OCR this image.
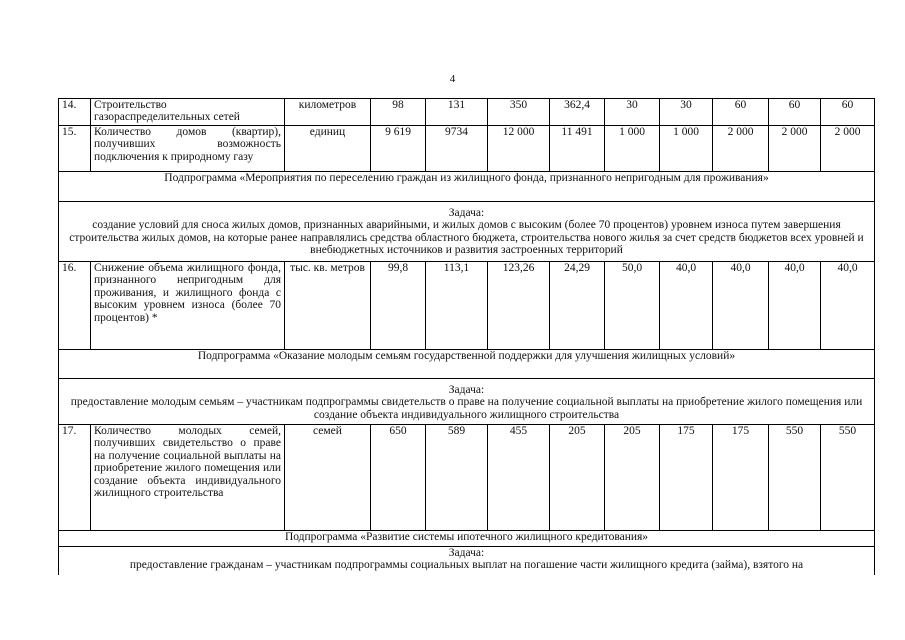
4
14.	Строительство газораспределительных сетей	километров	98	131	350	362,4	30	30	60	60	60
15.	Количество домов (квартир), получивших возможность подключения к природному газу	единиц	9 619	9734	12 000	11 491	1 000	1 000	2 000	2 000	2 000
Подпрограмма «Мероприятия по переселению граждан из жилищного фонда, признанного непригодным для проживания»											

Задача:
создание условий для сноса жилых домов, признанных аварийными, и жилых домов с высоким (более 70 процентов) уровнем износа путем завершения строительства жилых домов, на которые ранее направлялись средства областного бюджета, строительства нового жилья за счет средств бюджетов всех уровней и внебюджетных источников и развития застроенных территорий											

16.	Снижение объема жилищного фонда, признанного непригодным для проживания, и жилищного фонда с высоким уровнем износа (более 70 процентов) *	тыс. кв. метров	99,8	113,1	123,26	24,29	50,0	40,0	40,0	40,0	40,0
Подпрограмма «Оказание молодым семьям государственной поддержки для улучшения жилищных условий»											

Задача:
предоставление молодым семьям – участникам подпрограммы свидетельств о праве на получение социальной выплаты на приобретение жилого помещения или создание объекта индивидуального жилищного строительства											

17.	Количество молодых семей, получивших свидетельство о праве на получение социальной выплаты на приобретение жилого помещения или создание объекта индивидуального жилищного строительства	семей	650	589	455	205	205	175	175	550	550
Подпрограмма «Развитие системы ипотечного жилищного кредитования»											

Задача:
предоставление гражданам – участникам подпрограммы социальных выплат на погашение части жилищного кредита (займа), взятого на											
